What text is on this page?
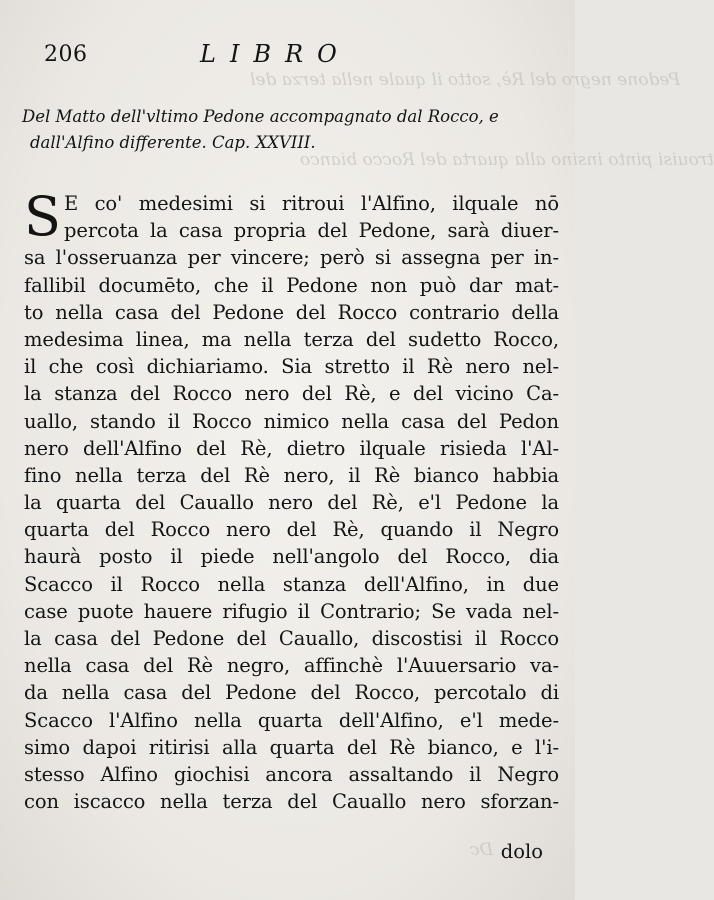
Pedone negro del Rè, sotto il quale nella terza del
trouisi pinto insino alla quarta del Rocco bianco
Dc
206	LIBRO
Del Matto dell'vltimo Pedone accompagnato dal Rocco, e
dall'Alfino differente. Cap. XXVIII.
S E co' medesimi si ritroui l'Alfino, ilquale nō
percota la casa propria del Pedone, sarà diuer-
sa l'osseruanza per vincere; però si assegna per in-
fallibil documēto, che il Pedone non può dar mat-
to nella casa del Pedone del Rocco contrario della
medesima linea, ma nella terza del sudetto Rocco,
il che così dichiariamo. Sia stretto il Rè nero nel-
la stanza del Rocco nero del Rè, e del vicino Ca-
uallo, stando il Rocco nimico nella casa del Pedon
nero dell'Alfino del Rè, dietro ilquale risieda l'Al-
fino nella terza del Rè nero, il Rè bianco habbia
la quarta del Cauallo nero del Rè, e'l Pedone la
quarta del Rocco nero del Rè, quando il Negro
haurà posto il piede nell'angolo del Rocco, dia
Scacco il Rocco nella stanza dell'Alfino, in due
case puote hauere rifugio il Contrario; Se vada nel-
la casa del Pedone del Cauallo, discostisi il Rocco
nella casa del Rè negro, affinchè l'Auuersario va-
da nella casa del Pedone del Rocco, percotalo di
Scacco l'Alfino nella quarta dell'Alfino, e'l mede-
simo dapoi ritirisi alla quarta del Rè bianco, e l'i-
stesso Alfino giochisi ancora assaltando il Negro
con iscacco nella terza del Cauallo nero sforzan-
dolo
